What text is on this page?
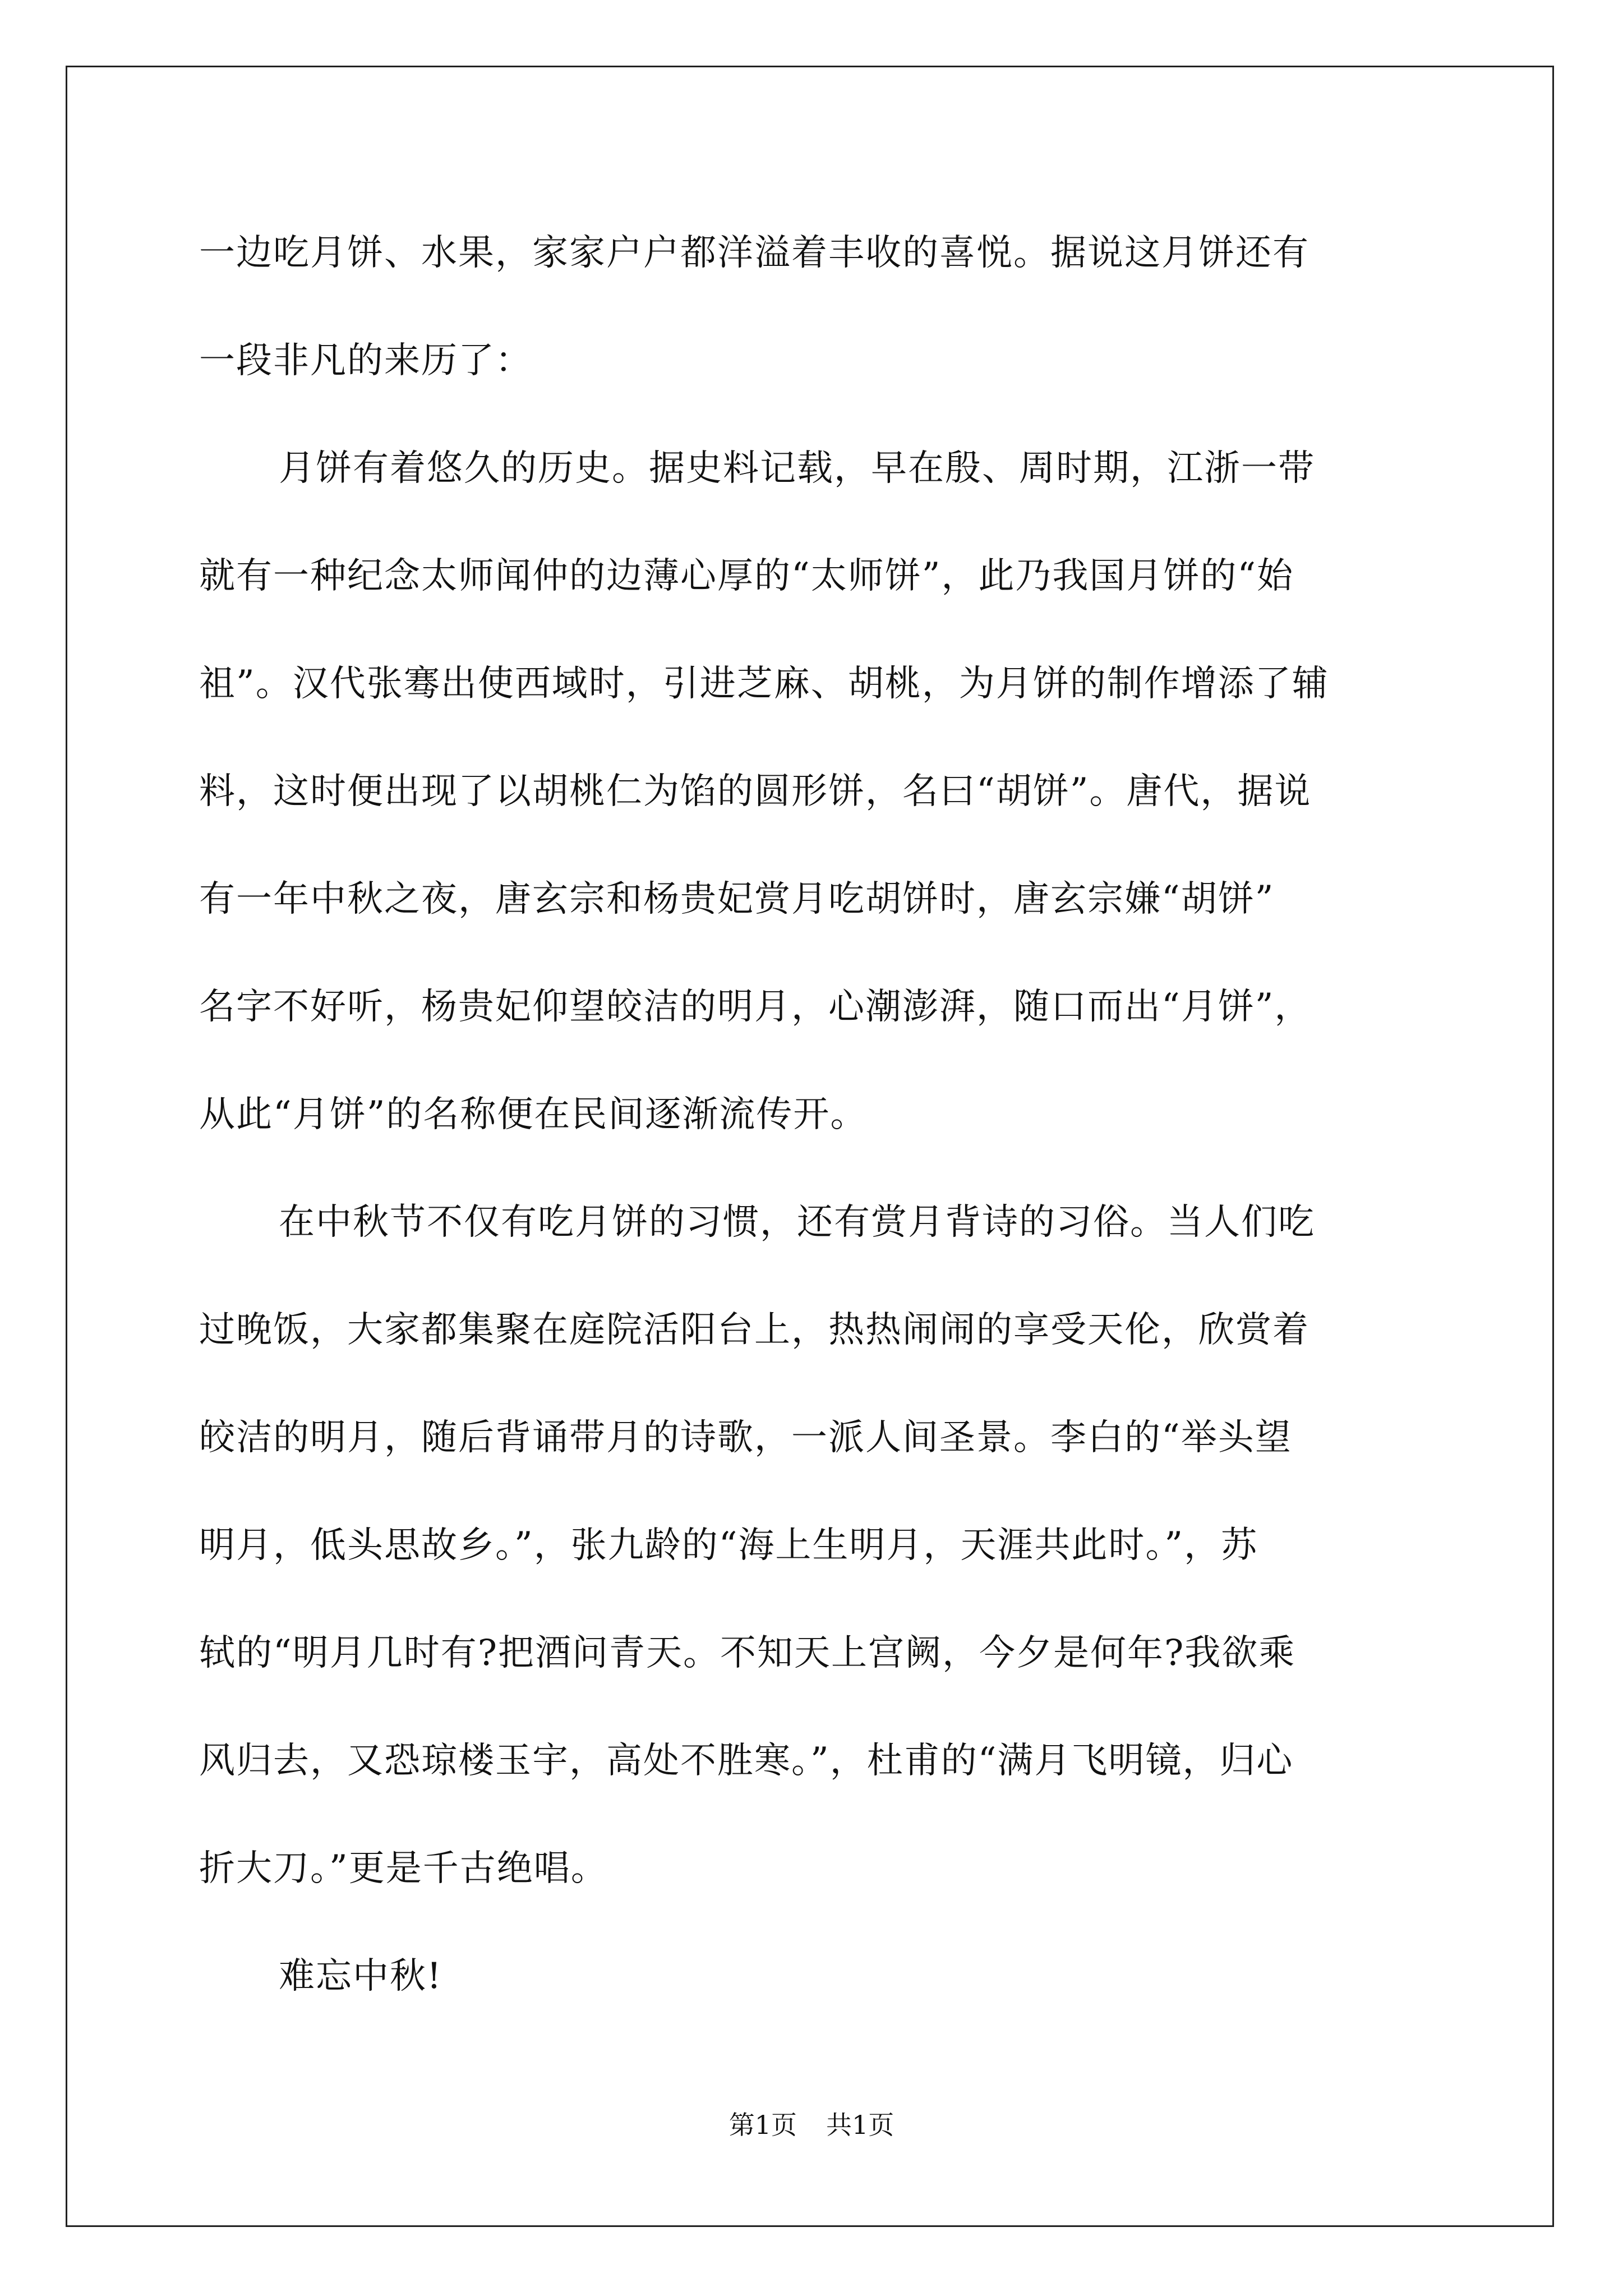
一边吃月饼、水果，家家户户都洋溢着丰收的喜悦。据说这月饼还有
一段非凡的来历了：
月饼有着悠久的历史。据史料记载，早在殷、周时期，江浙一带
就有一种纪念太师闻仲的边薄心厚的“太师饼”，此乃我国月饼的“始
祖”。汉代张骞出使西域时，引进芝麻、胡桃，为月饼的制作增添了辅
料，这时便出现了以胡桃仁为馅的圆形饼，名曰“胡饼”。唐代，据说
有一年中秋之夜，唐玄宗和杨贵妃赏月吃胡饼时，唐玄宗嫌“胡饼”
名字不好听，杨贵妃仰望皎洁的明月，心潮澎湃，随口而出“月饼”，
从此“月饼”的名称便在民间逐渐流传开。
在中秋节不仅有吃月饼的习惯，还有赏月背诗的习俗。当人们吃
过晚饭，大家都集聚在庭院活阳台上，热热闹闹的享受天伦，欣赏着
皎洁的明月，随后背诵带月的诗歌，一派人间圣景。李白的“举头望
明月，低头思故乡。”，张九龄的“海上生明月，天涯共此时。”，苏
轼的“明月几时有?把酒问青天。不知天上宫阙，今夕是何年?我欲乘
风归去，又恐琼楼玉宇，高处不胜寒。”，杜甫的“满月飞明镜，归心
折大刀。”更是千古绝唱。
难忘中秋!
第1页 共1页
